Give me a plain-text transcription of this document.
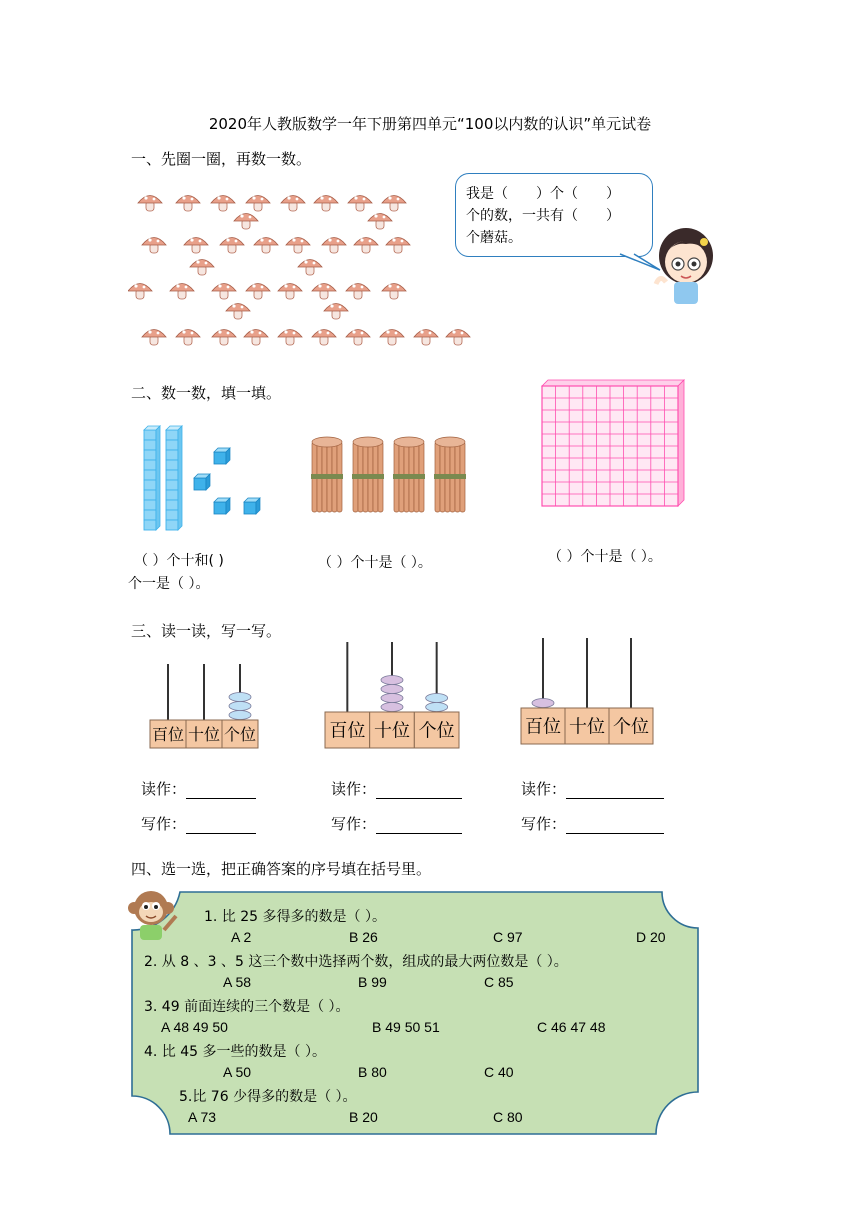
2020年人教版数学一年下册第四单元“100以内数的认识”单元试卷
一、先圈一圈，再数一数。
我是（　　）个（　　）
个的数，一共有（　　）
个蘑菇。
二、数一数，填一填。
（ ）个十和( )
个一是（ ）。
（ ）个十是（ ）。	（ ）个十是（ ）。
三、读一读，写一写。
百位 十位 个位	百位 十位 个位	百位 十位 个位
读作：	读作：	读作：
写作：	写作：	写作：
四、选一选，把正确答案的序号填在括号里。
1. 比 25 多得多的数是（ ）。
A 2	B 26	C 97	D 20
2. 从 8 、3 、5 这三个数中选择两个数，组成的最大两位数是（ ）。
A 58	B 99	C 85
3. 49 前面连续的三个数是（ ）。
A 48 49 50	B 49 50 51	C 46 47 48
4. 比 45 多一些的数是（ ）。
A 50	B 80	C 40
5.比 76 少得多的数是（ ）。
A 73	B 20	C 80
